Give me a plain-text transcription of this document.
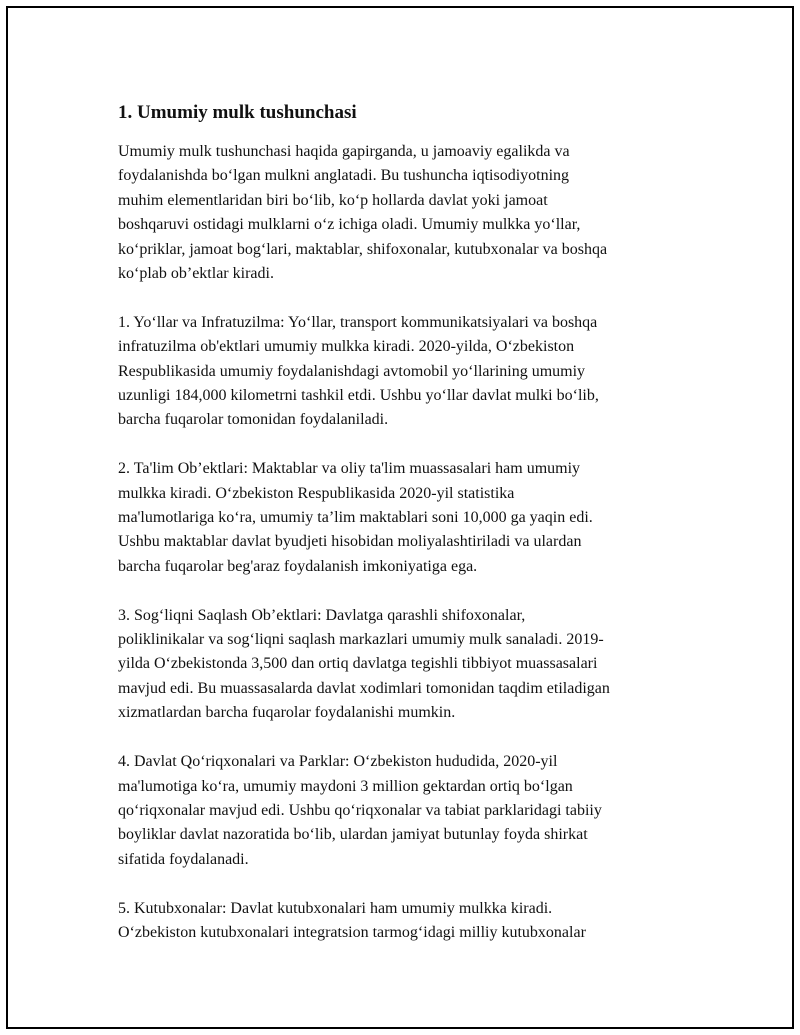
1. Umumiy mulk tushunchasi

Umumiy mulk tushunchasi haqida gapirganda, u jamoaviy egalikda va
foydalanishda bo‘lgan mulkni anglatadi. Bu tushuncha iqtisodiyotning
muhim elementlaridan biri bo‘lib, ko‘p hollarda davlat yoki jamoat
boshqaruvi ostidagi mulklarni o‘z ichiga oladi. Umumiy mulkka yo‘llar,
ko‘priklar, jamoat bog‘lari, maktablar, shifoxonalar, kutubxonalar va boshqa
ko‘plab ob’ektlar kiradi.

1. Yo‘llar va Infratuzilma: Yo‘llar, transport kommunikatsiyalari va boshqa
infratuzilma ob'ektlari umumiy mulkka kiradi. 2020-yilda, O‘zbekiston
Respublikasida umumiy foydalanishdagi avtomobil yo‘llarining umumiy
uzunligi 184,000 kilometrni tashkil etdi. Ushbu yo‘llar davlat mulki bo‘lib,
barcha fuqarolar tomonidan foydalaniladi.

2. Ta'lim Ob’ektlari: Maktablar va oliy ta'lim muassasalari ham umumiy
mulkka kiradi. O‘zbekiston Respublikasida 2020-yil statistika
ma'lumotlariga ko‘ra, umumiy ta’lim maktablari soni 10,000 ga yaqin edi.
Ushbu maktablar davlat byudjeti hisobidan moliyalashtiriladi va ulardan
barcha fuqarolar beg'araz foydalanish imkoniyatiga ega.

3. Sog‘liqni Saqlash Ob’ektlari: Davlatga qarashli shifoxonalar,
poliklinikalar va sog‘liqni saqlash markazlari umumiy mulk sanaladi. 2019-
yilda O‘zbekistonda 3,500 dan ortiq davlatga tegishli tibbiyot muassasalari
mavjud edi. Bu muassasalarda davlat xodimlari tomonidan taqdim etiladigan
xizmatlardan barcha fuqarolar foydalanishi mumkin.

4. Davlat Qo‘riqxonalari va Parklar: O‘zbekiston hududida, 2020-yil
ma'lumotiga ko‘ra, umumiy maydoni 3 million gektardan ortiq bo‘lgan
qo‘riqxonalar mavjud edi. Ushbu qo‘riqxonalar va tabiat parklaridagi tabiiy
boyliklar davlat nazoratida bo‘lib, ulardan jamiyat butunlay foyda shirkat
sifatida foydalanadi.

5. Kutubxonalar: Davlat kutubxonalari ham umumiy mulkka kiradi.
O‘zbekiston kutubxonalari integratsion tarmog‘idagi milliy kutubxonalar
